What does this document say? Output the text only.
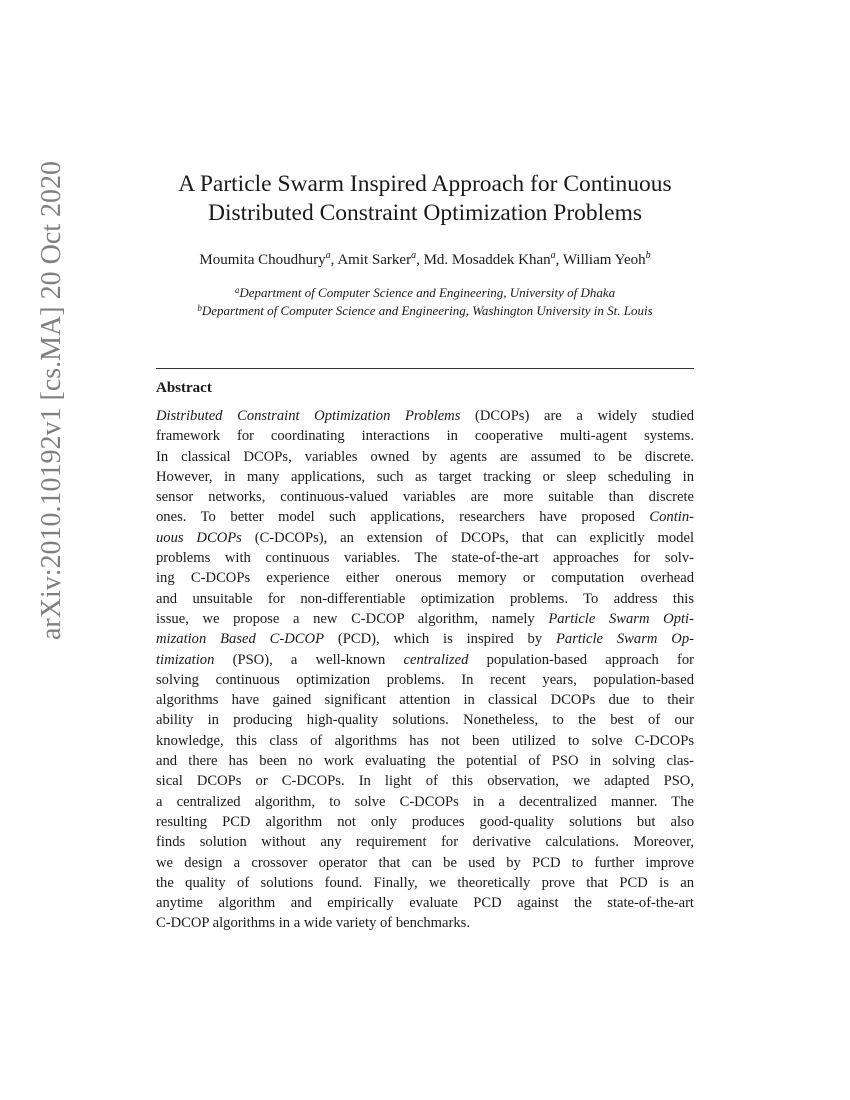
arXiv:2010.10192v1 [cs.MA] 20 Oct 2020	A Particle Swarm Inspired Approach for Continuous
Distributed Constraint Optimization Problems
Moumita Choudhury$^a$, Amit Sarker$^a$, Md. Mosaddek Khan$^a$, William Yeoh$^b$
$^a$Department of Computer Science and Engineering, University of Dhaka
$^b$Department of Computer Science and Engineering, Washington University in St. Louis
Abstract
Distributed Constraint Optimization Problems (DCOPs) are a widely studied
framework for coordinating interactions in cooperative multi-agent systems.
In classical DCOPs, variables owned by agents are assumed to be discrete.
However, in many applications, such as target tracking or sleep scheduling in
sensor networks, continuous-valued variables are more suitable than discrete
ones. To better model such applications, researchers have proposed Contin-
uous DCOPs (C-DCOPs), an extension of DCOPs, that can explicitly model
problems with continuous variables. The state-of-the-art approaches for solv-
ing C-DCOPs experience either onerous memory or computation overhead
and unsuitable for non-differentiable optimization problems. To address this
issue, we propose a new C-DCOP algorithm, namely Particle Swarm Opti-
mization Based C-DCOP (PCD), which is inspired by Particle Swarm Op-
timization (PSO), a well-known centralized population-based approach for
solving continuous optimization problems. In recent years, population-based
algorithms have gained significant attention in classical DCOPs due to their
ability in producing high-quality solutions. Nonetheless, to the best of our
knowledge, this class of algorithms has not been utilized to solve C-DCOPs
and there has been no work evaluating the potential of PSO in solving clas-
sical DCOPs or C-DCOPs. In light of this observation, we adapted PSO,
a centralized algorithm, to solve C-DCOPs in a decentralized manner. The
resulting PCD algorithm not only produces good-quality solutions but also
finds solution without any requirement for derivative calculations. Moreover,
we design a crossover operator that can be used by PCD to further improve
the quality of solutions found. Finally, we theoretically prove that PCD is an
anytime algorithm and empirically evaluate PCD against the state-of-the-art
C-DCOP algorithms in a wide variety of benchmarks.
